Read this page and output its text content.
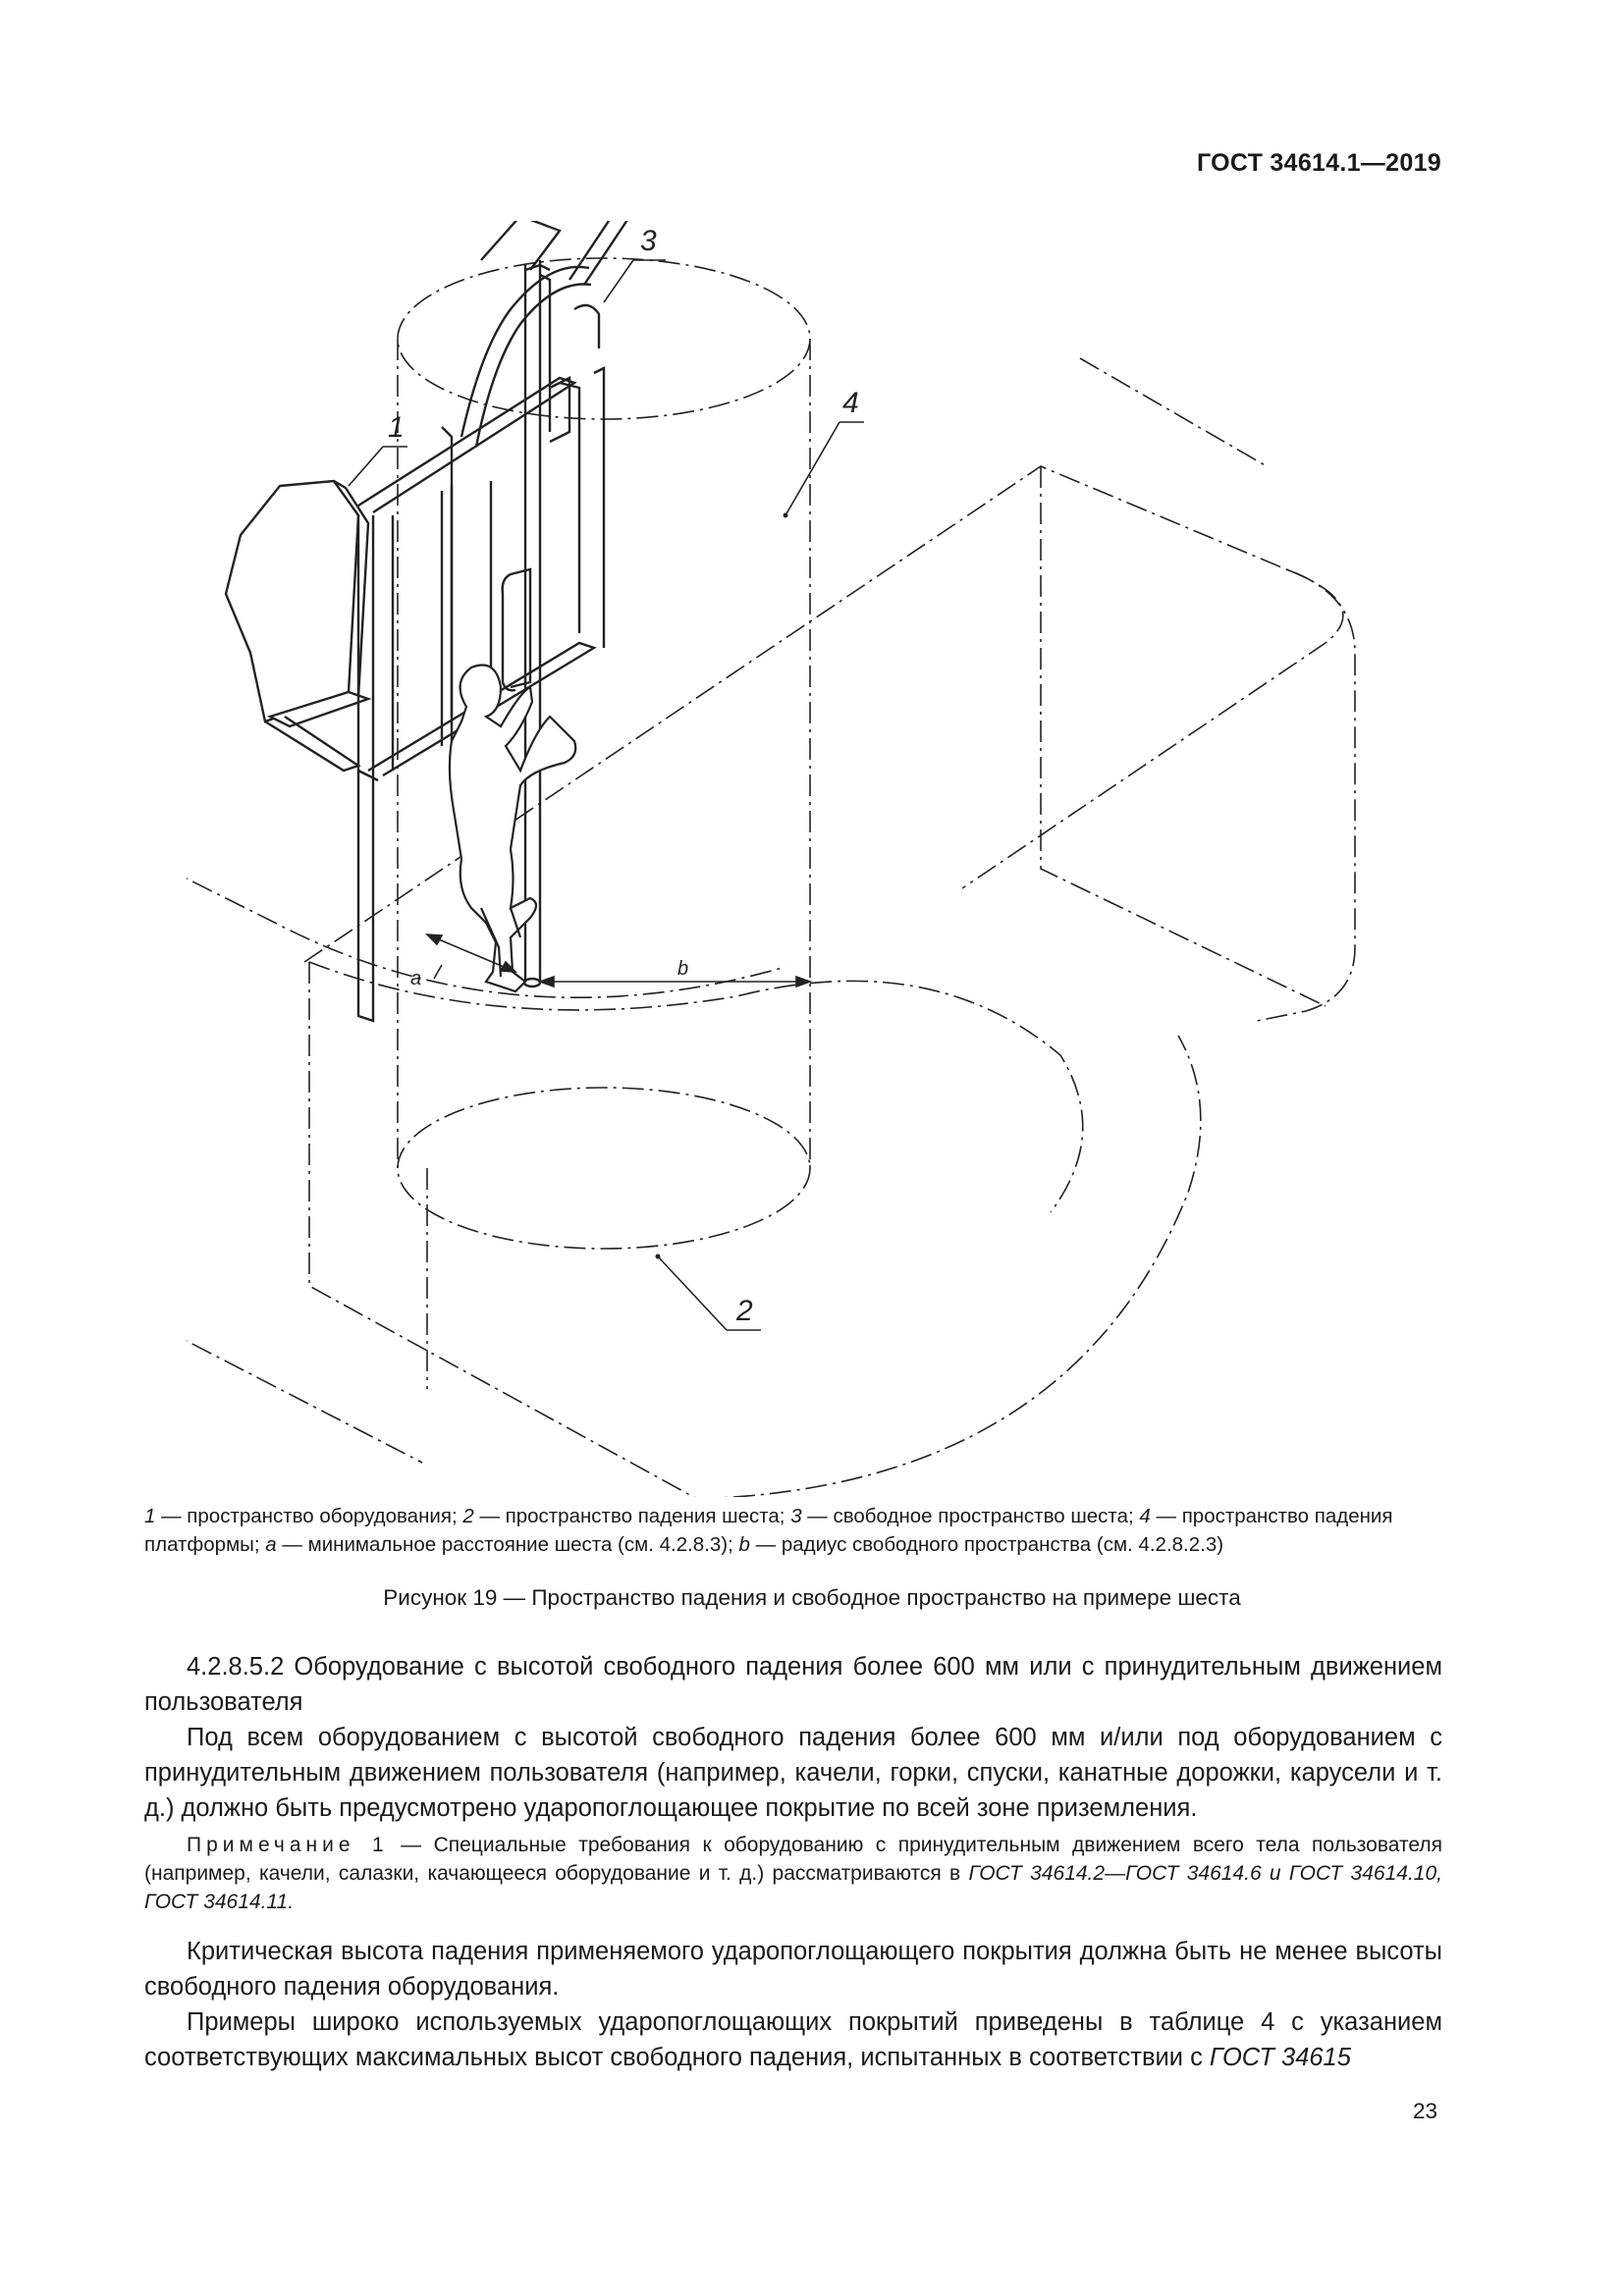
ГОСТ 34614.1—2019
a	b
1
3
4
2
1 — пространство оборудования; 2 — пространство падения шеста; 3 — свободное пространство шеста; 4 — пространство падения платформы; a — минимальное расстояние шеста (см. 4.2.8.3); b — радиус свободного пространства (см. 4.2.8.2.3)
Рисунок 19 — Пространство падения и свободное пространство на примере шеста
4.2.8.5.2 Оборудование с высотой свободного падения более 600 мм или с принудительным движением пользователя
Под всем оборудованием с высотой свободного падения более 600 мм и/или под оборудованием с принудительным движением пользователя (например, качели, горки, спуски, канатные дорожки, карусели и т. д.) должно быть предусмотрено ударопоглощающее покрытие по всей зоне приземления.
Примечание 1 — Специальные требования к оборудованию с принудительным движением всего тела пользователя (например, качели, салазки, качающееся оборудование и т. д.) рассматриваются в ГОСТ 34614.2—ГОСТ 34614.6 и ГОСТ 34614.10, ГОСТ 34614.11.
Критическая высота падения применяемого ударопоглощающего покрытия должна быть не менее высоты свободного падения оборудования.
Примеры широко используемых ударопоглощающих покрытий приведены в таблице 4 с указанием соответствующих максимальных высот свободного падения, испытанных в соответствии с ГОСТ 34615
23
